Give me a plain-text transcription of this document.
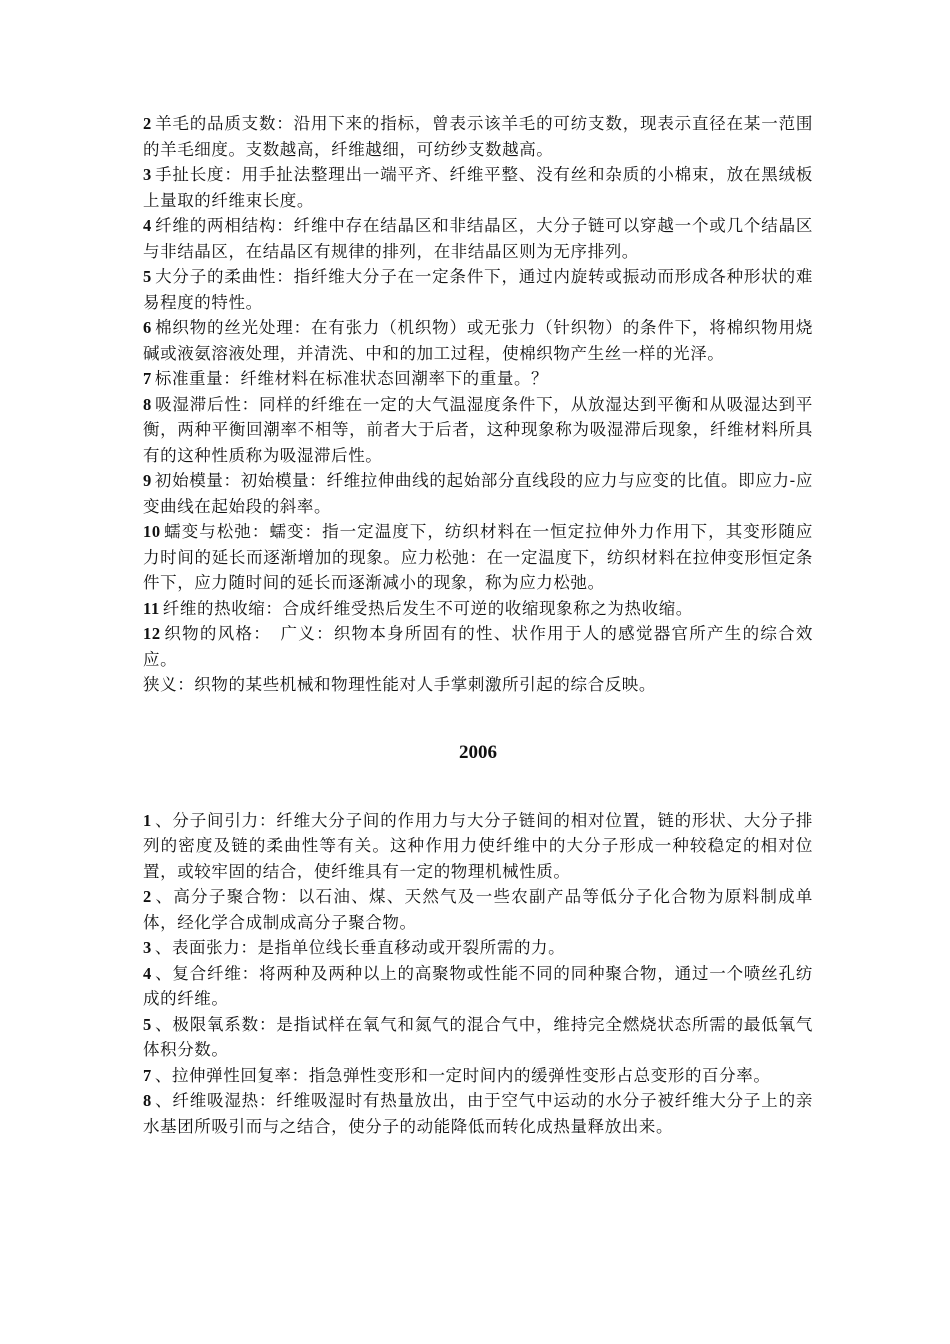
2 羊毛的品质支数：沿用下来的指标，曾表示该羊毛的可纺支数，现表示直径在某一范围的羊毛细度。支数越高，纤维越细，可纺纱支数越高。

3 手扯长度：用手扯法整理出一端平齐、纤维平整、没有丝和杂质的小棉束，放在黑绒板上量取的纤维束长度。

4 纤维的两相结构：纤维中存在结晶区和非结晶区，大分子链可以穿越一个或几个结晶区与非结晶区，在结晶区有规律的排列，在非结晶区则为无序排列。

5 大分子的柔曲性：指纤维大分子在一定条件下，通过内旋转或振动而形成各种形状的难易程度的特性。

6 棉织物的丝光处理：在有张力（机织物）或无张力（针织物）的条件下，将棉织物用烧碱或液氨溶液处理，并清洗、中和的加工过程，使棉织物产生丝一样的光泽。

7 标准重量：纤维材料在标准状态回潮率下的重量。？

8 吸湿滞后性：同样的纤维在一定的大气温湿度条件下，从放湿达到平衡和从吸湿达到平衡，两种平衡回潮率不相等，前者大于后者，这种现象称为吸湿滞后现象，纤维材料所具有的这种性质称为吸湿滞后性。

9 初始模量：初始模量：纤维拉伸曲线的起始部分直线段的应力与应变的比值。即应力-应变曲线在起始段的斜率。

10 蠕变与松弛：蠕变：指一定温度下，纺织材料在一恒定拉伸外力作用下，其变形随应力时间的延长而逐渐增加的现象。应力松弛：在一定温度下，纺织材料在拉伸变形恒定条件下，应力随时间的延长而逐渐减小的现象，称为应力松弛。

11 纤维的热收缩：合成纤维受热后发生不可逆的收缩现象称之为热收缩。

12 织物的风格：　广义：织物本身所固有的性、状作用于人的感觉器官所产生的综合效应。

狭义：织物的某些机械和物理性能对人手掌刺激所引起的综合反映。

2006

1 、分子间引力：纤维大分子间的作用力与大分子链间的相对位置，链的形状、大分子排列的密度及链的柔曲性等有关。这种作用力使纤维中的大分子形成一种较稳定的相对位置，或较牢固的结合，使纤维具有一定的物理机械性质。

2 、高分子聚合物：以石油、煤、天然气及一些农副产品等低分子化合物为原料制成单体，经化学合成制成高分子聚合物。

3 、表面张力：是指单位线长垂直移动或开裂所需的力。

4 、复合纤维：将两种及两种以上的高聚物或性能不同的同种聚合物，通过一个喷丝孔纺成的纤维。

5 、极限氧系数：是指试样在氧气和氮气的混合气中，维持完全燃烧状态所需的最低氧气体积分数。

7 、拉伸弹性回复率：指急弹性变形和一定时间内的缓弹性变形占总变形的百分率。

8 、纤维吸湿热：纤维吸湿时有热量放出，由于空气中运动的水分子被纤维大分子上的亲水基团所吸引而与之结合，使分子的动能降低而转化成热量释放出来。
